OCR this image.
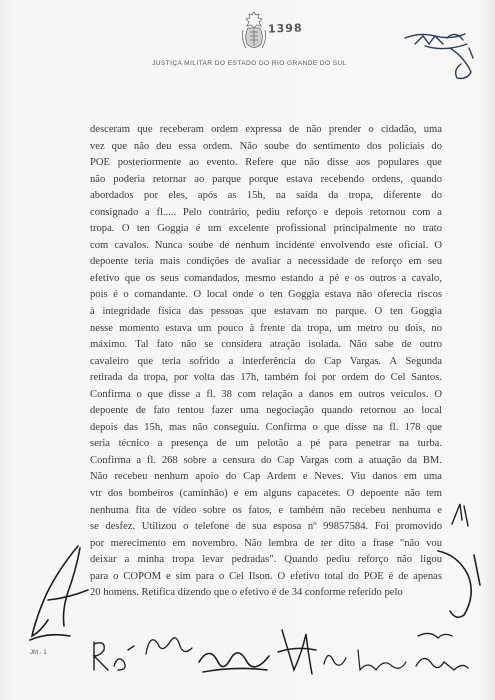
1398
JUSTIÇA MILITAR DO ESTADO DO RIO GRANDE DO SUL

desceram que receberam ordem expressa de não prender o cidadão, uma

vez que não deu essa ordem. Não soube do sentimento dos policiais do

POE posteriormente ao evento. Refere que não disse aos populares que

não poderia retornar ao parque porque estava recebendo ordens, quando

abordados por eles, após as 15h, na saída da tropa, diferente do

consignado a fl..... Pelo contrário, pediu reforço e depois retornou com a

tropa. O ten Goggia é um excelente profissional principalmente no trato

com cavalos. Nunca soube de nenhum incidente envolvendo este oficial. O

depoente teria mais condições de avaliar a necessidade de reforço em seu

efetivo que os seus comandados, mesmo estando a pé e os outros a cavalo,

pois é o comandante. O local onde o ten Goggia estava não oferecia riscos

à integridade física das pessoas que estavam no parque. O ten Goggia

nesse momento estava um pouco à frente da tropa, um metro ou dois, no

máximo. Tal fato não se considera atração isolada. Não sabe de outro

cavaleiro que teria sofrido a interferência do Cap Vargas. A Segunda

retirada da tropa, por volta das 17h, também foi por ordem do Cel Santos.

Confirma o que disse a fl. 38 com relação a danos em outros veículos. O

depoente de fato tentou fazer uma negociação quando retornou ao local

depois das 15h, mas não conseguiu. Confirma o que disse na fl. 178 que

seria técnico a presença de um pelotão a pé para penetrar na turba.

Confirma a fl. 268 sobre a censura do Cap Vargas com a atuação da BM.

Não recebeu nenhum apoio do Cap Ardem e Neves. Viu danos em uma

vtr dos bombeiros (caminhão) e em alguns capacetes. O depoente não tem

nenhuma fita de vídeo sobre os fatos, e também não recebeu nenhuma e

se desfez. Utilizou o telefone de sua esposa nº 99857584. Foi promovido

por merecimento em novembro. Não lembra de ter dito a frase "não vou

deixar a minha tropa levar pedradas". Quando pediu reforço não ligou

para o COPOM e sim para o Cel Ilson. O efetivo total do POE é de apenas

20 homens. Retifica dizendo que o efetivo é de 34 conforme referido pelo

JM - 1
